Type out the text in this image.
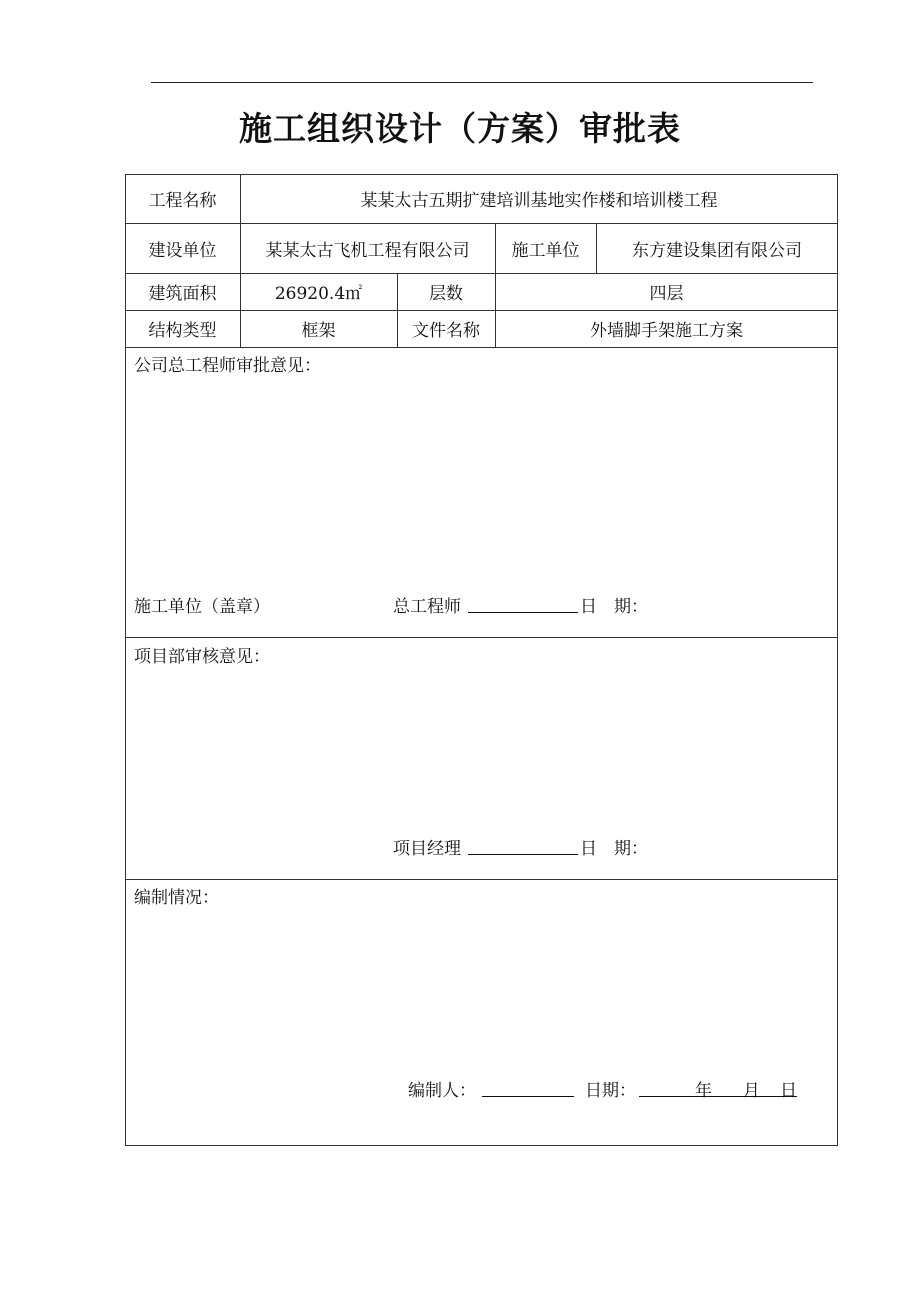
施工组织设计（方案）审批表
工程名称	某某太古五期扩建培训基地实作楼和培训楼工程
建设单位	某某太古飞机工程有限公司	施工单位	东方建设集团有限公司
建筑面积	26920.4㎡	层数	四层
结构类型	框架	文件名称	外墙脚手架施工方案
公司总工程师审批意见：
施工单位（盖章）	总工程师	日　期：
项目部审核意见：
项目经理	日　期：
编制情况：
编制人：	日期：	年 月 日
